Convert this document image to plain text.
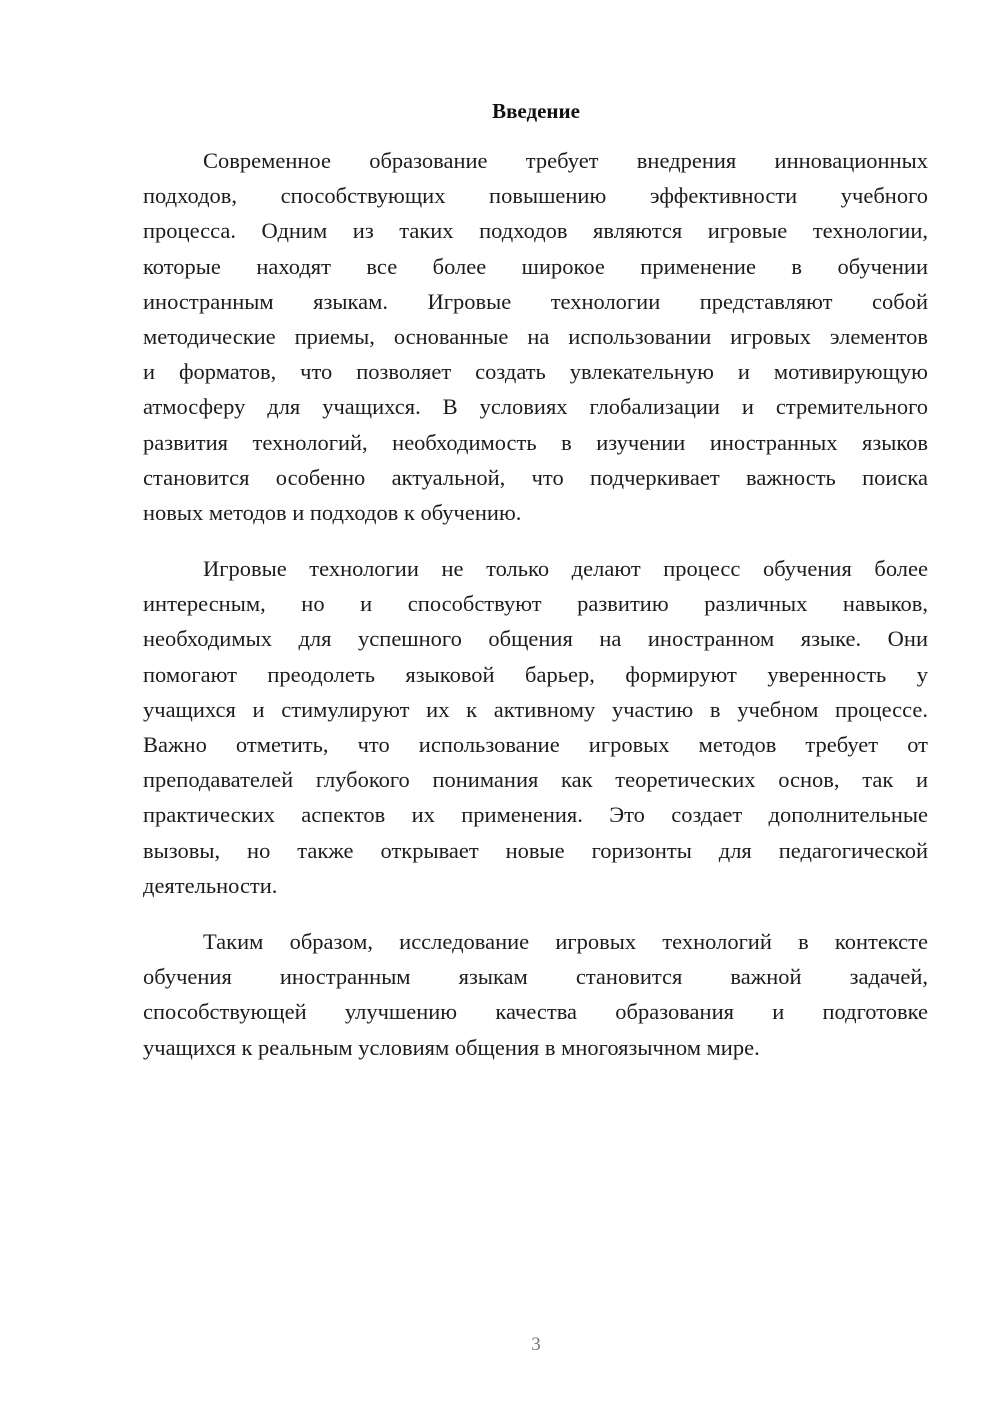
Введение
Современное образование требует внедрения инновационных
подходов, способствующих повышению эффективности учебного
процесса. Одним из таких подходов являются игровые технологии,
которые находят все более широкое применение в обучении
иностранным языкам. Игровые технологии представляют собой
методические приемы, основанные на использовании игровых элементов
и форматов, что позволяет создать увлекательную и мотивирующую
атмосферу для учащихся. В условиях глобализации и стремительного
развития технологий, необходимость в изучении иностранных языков
становится особенно актуальной, что подчеркивает важность поиска
новых методов и подходов к обучению.
Игровые технологии не только делают процесс обучения более
интересным, но и способствуют развитию различных навыков,
необходимых для успешного общения на иностранном языке. Они
помогают преодолеть языковой барьер, формируют уверенность у
учащихся и стимулируют их к активному участию в учебном процессе.
Важно отметить, что использование игровых методов требует от
преподавателей глубокого понимания как теоретических основ, так и
практических аспектов их применения. Это создает дополнительные
вызовы, но также открывает новые горизонты для педагогической
деятельности.
Таким образом, исследование игровых технологий в контексте
обучения иностранным языкам становится важной задачей,
способствующей улучшению качества образования и подготовке
учащихся к реальным условиям общения в многоязычном мире.
3
